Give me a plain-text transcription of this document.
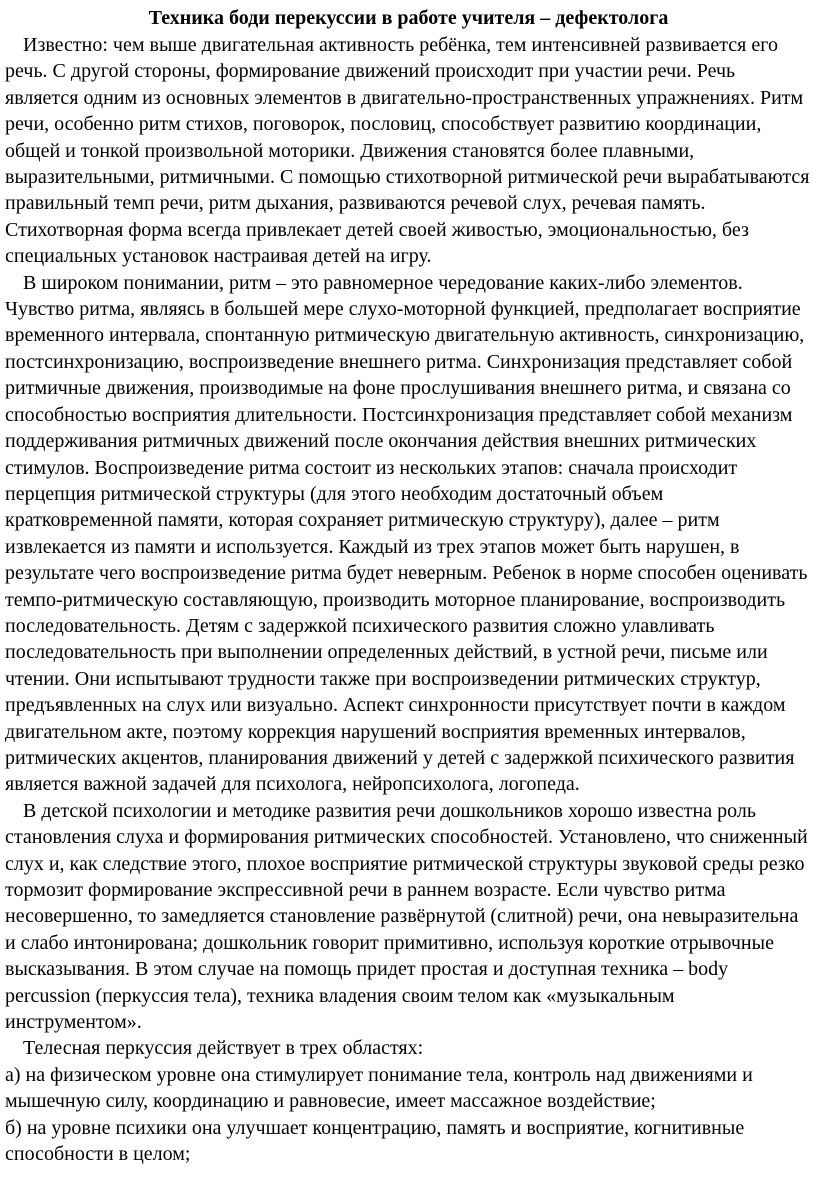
Техника боди перекуссии в работе учителя – дефектолога

Известно: чем выше двигательная активность ребёнка, тем интенсивней развивается его речь. С другой стороны, формирование движений происходит при участии речи. Речь является одним из основных элементов в двигательно-пространственных упражнениях. Ритм речи, особенно ритм стихов, поговорок, пословиц, способствует развитию координации, общей и тонкой произвольной моторики. Движения становятся более плавными, выразительными, ритмичными. С помощью стихотворной ритмической речи вырабатываются правильный темп речи, ритм дыхания, развиваются речевой слух, речевая память. Стихотворная форма всегда привлекает детей своей живостью, эмоциональностью, без специальных установок настраивая детей на игру.

В широком понимании, ритм – это равномерное чередование каких-либо элементов. Чувство ритма, являясь в большей мере слухо-моторной функцией, предполагает восприятие временного интервала, спонтанную ритмическую двигательную активность, синхронизацию, постсинхронизацию, воспроизведение внешнего ритма. Синхронизация представляет собой ритмичные движения, производимые на фоне прослушивания внешнего ритма, и связана со способностью восприятия длительности. Постсинхронизация представляет собой механизм поддерживания ритмичных движений после окончания действия внешних ритмических стимулов. Воспроизведение ритма состоит из нескольких этапов: сначала происходит перцепция ритмической структуры (для этого необходим достаточный объем кратковременной памяти, которая сохраняет ритмическую структуру), далее – ритм извлекается из памяти и используется. Каждый из трех этапов может быть нарушен, в результате чего воспроизведение ритма будет неверным. Ребенок в норме способен оценивать темпо-ритмическую составляющую, производить моторное планирование, воспроизводить последовательность. Детям с задержкой психического развития сложно улавливать последовательность при выполнении определенных действий, в устной речи, письме или чтении. Они испытывают трудности также при воспроизведении ритмических структур, предъявленных на слух или визуально. Аспект синхронности присутствует почти в каждом двигательном акте, поэтому коррекция нарушений восприятия временных интервалов, ритмических акцентов, планирования движений у детей с задержкой психического развития является важной задачей для психолога, нейропсихолога, логопеда.

В детской психологии и методике развития речи дошкольников хорошо известна роль становления слуха и формирования ритмических способностей. Установлено, что сниженный слух и, как следствие этого, плохое восприятие ритмической структуры звуковой среды резко тормозит формирование экспрессивной речи в раннем возрасте. Если чувство ритма несовершенно, то замедляется становление развёрнутой (слитной) речи, она невыразительна и слабо интонирована; дошкольник говорит примитивно, используя короткие отрывочные высказывания. В этом случае на помощь придет простая и доступная техника – body percussion (перкуссия тела), техника владения своим телом как «музыкальным инструментом».

Телесная перкуссия действует в трех областях:

а) на физическом уровне она стимулирует понимание тела, контроль над движениями и мышечную силу, координацию и равновесие, имеет массажное воздействие;

б) на уровне психики она улучшает концентрацию, память и восприятие, когнитивные способности в целом;
